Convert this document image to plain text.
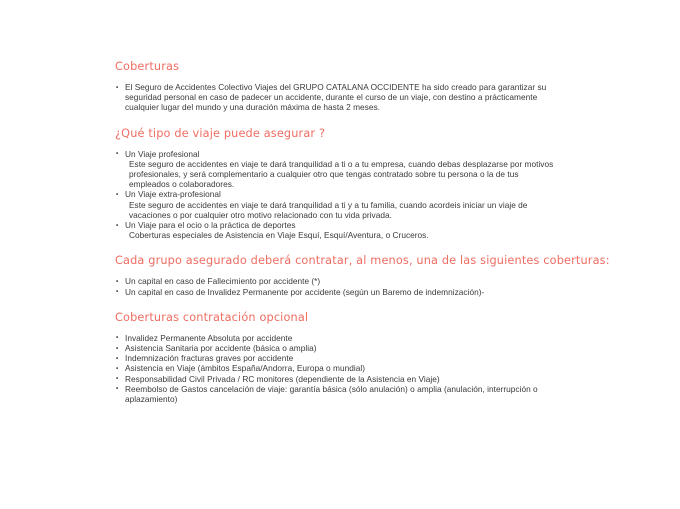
Coberturas
▪ El Seguro de Accidentes Colectivo Viajes del GRUPO CATALANA OCCIDENTE ha sido creado para garantizar su seguridad personal en caso de padecer un accidente, durante el curso de un viaje, con destino a prácticamente cualquier lugar del mundo y una duración máxima de hasta 2 meses.
¿Qué tipo de viaje puede asegurar ?
▪ Un Viaje profesional
Este seguro de accidentes en viaje te dará tranquilidad a ti o a tu empresa, cuando debas desplazarse por motivos profesionales, y será complementario a cualquier otro que tengas contratado sobre tu persona o la de tus empleados o colaboradores.
▪ Un Viaje extra-profesional
Este seguro de accidentes en viaje te dará tranquilidad a ti y a tu familia, cuando acordeis iniciar un viaje de vacaciones o por cualquier otro motivo relacionado con tu vida privada.
▪ Un Viaje para el ocio o la práctica de deportes
Coberturas especiales de Asistencia en Viaje Esquí, Esquí/Aventura, o Cruceros.
Cada grupo asegurado deberá contratar, al menos, una de las siguientes coberturas:
▪ Un capital en caso de Fallecimiento por accidente (*)
▪ Un capital en caso de Invalidez Permanente por accidente (según un Baremo de indemnización)-
Coberturas contratación opcional
▪ Invalidez Permanente Absoluta por accidente
▪ Asistencia Sanitaria por accidente (básica o amplia)
▪ Indemnización fracturas graves por accidente
▪ Asistencia en Viaje (ámbitos España/Andorra, Europa o mundial)
▪ Responsabilidad Civil Privada / RC monitores (dependiente de la Asistencia en Viaje)
▪ Reembolso de Gastos cancelación de viaje: garantía básica (sólo anulación) o amplia (anulación, interrupción o aplazamiento)
